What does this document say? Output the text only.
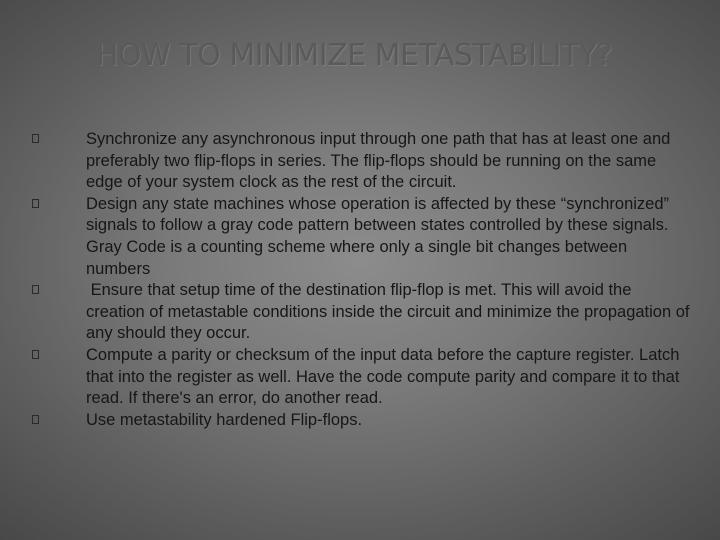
HOW TO MINIMIZE METASTABILITY?
Synchronize any asynchronous input through one path that has at least one and preferably two flip-flops in series. The flip-flops should be running on the same edge of your system clock as the rest of the circuit.
Design any state machines whose operation is affected by these “synchronized” signals to follow a gray code pattern between states controlled by these signals. Gray Code is a counting scheme where only a single bit changes between numbers
Ensure that setup time of the destination flip-flop is met. This will avoid the creation of metastable conditions inside the circuit and minimize the propagation of any should they occur.
Compute a parity or checksum of the input data before the capture register. Latch that into the register as well. Have the code compute parity and compare it to that read. If there's an error, do another read.
Use metastability hardened Flip-flops.
